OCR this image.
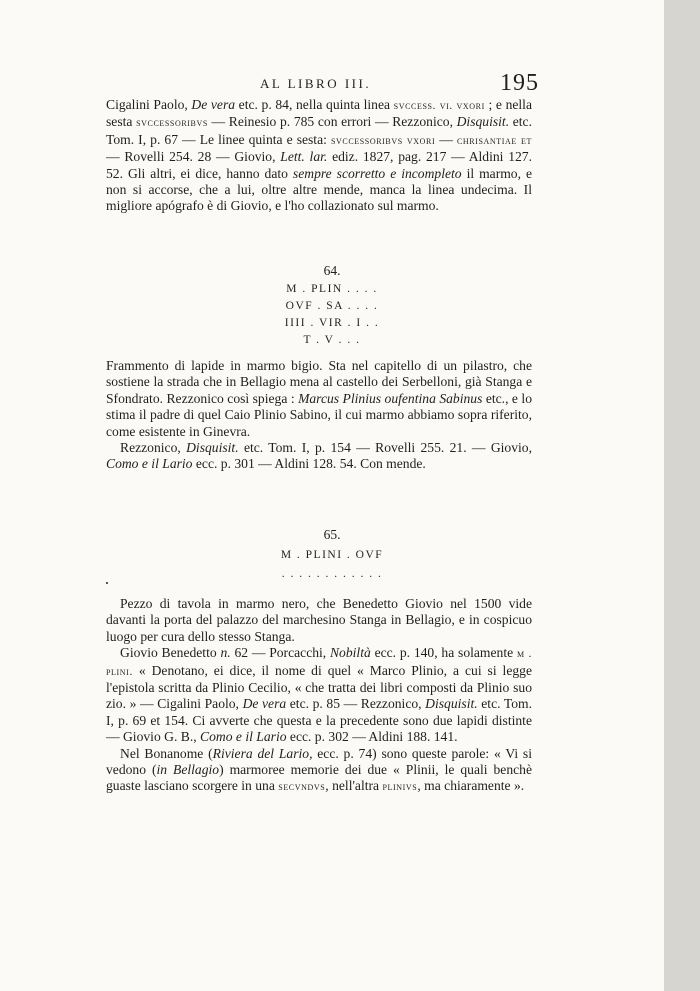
AL LIBRO III.	195
Cigalini Paolo, De vera etc. p. 84, nella quinta linea svccess. vi. vxori ; e nella sesta svccessoribvs — Reinesio p. 785 con errori — Rezzonico, Disquisit. etc. Tom. I, p. 67 — Le linee quinta e sesta: svccessoribvs vxori — chrisantiae et — Rovelli 254. 28 — Giovio, Lett. lar. ediz. 1827, pag. 217 — Aldini 127. 52. Gli altri, ei dice, hanno dato sempre scorretto e incompleto il marmo, e non si accorse, che a lui, oltre altre mende, manca la linea undecima. Il migliore apógrafo è di Giovio, e l'ho collazionato sul marmo.
64.
M . PLIN . . . .
OVF . SA . . . .
IIII . VIR . I . .
T . V . . .
Frammento di lapide in marmo bigio. Sta nel capitello di un pilastro, che sostiene la strada che in Bellagio mena al castello dei Serbelloni, già Stanga e Sfondrato. Rezzonico così spiega : Marcus Plinius oufentina Sabinus etc., e lo stima il padre di quel Caio Plinio Sabino, il cui marmo abbiamo sopra riferito, come esistente in Ginevra.
Rezzonico, Disquisit. etc. Tom. I, p. 154 — Rovelli 255. 21. — Giovio, Como e il Lario ecc. p. 301 — Aldini 128. 54. Con mende.
65.
M . PLINI . OVF
. . . . . . . . . . . .
Pezzo di tavola in marmo nero, che Benedetto Giovio nel 1500 vide davanti la porta del palazzo del marchesino Stanga in Bellagio, e in cospicuo luogo per cura dello stesso Stanga.
Giovio Benedetto n. 62 — Porcacchi, Nobiltà ecc. p. 140, ha solamente m . plini. « Denotano, ei dice, il nome di quel « Marco Plinio, a cui si legge l'epistola scritta da Plinio Cecilio, « che tratta dei libri composti da Plinio suo zio. » — Cigalini Paolo, De vera etc. p. 85 — Rezzonico, Disquisit. etc. Tom. I, p. 69 et 154. Ci avverte che questa e la precedente sono due lapidi distinte — Giovio G. B., Como e il Lario ecc. p. 302 — Aldini 188. 141.
Nel Bonanome (Riviera del Lario, ecc. p. 74) sono queste parole: « Vi si vedono (in Bellagio) marmoree memorie dei due « Plinii, le quali benchè guaste lasciano scorgere in una secvndvs, nell'altra plinivs, ma chiaramente ».
